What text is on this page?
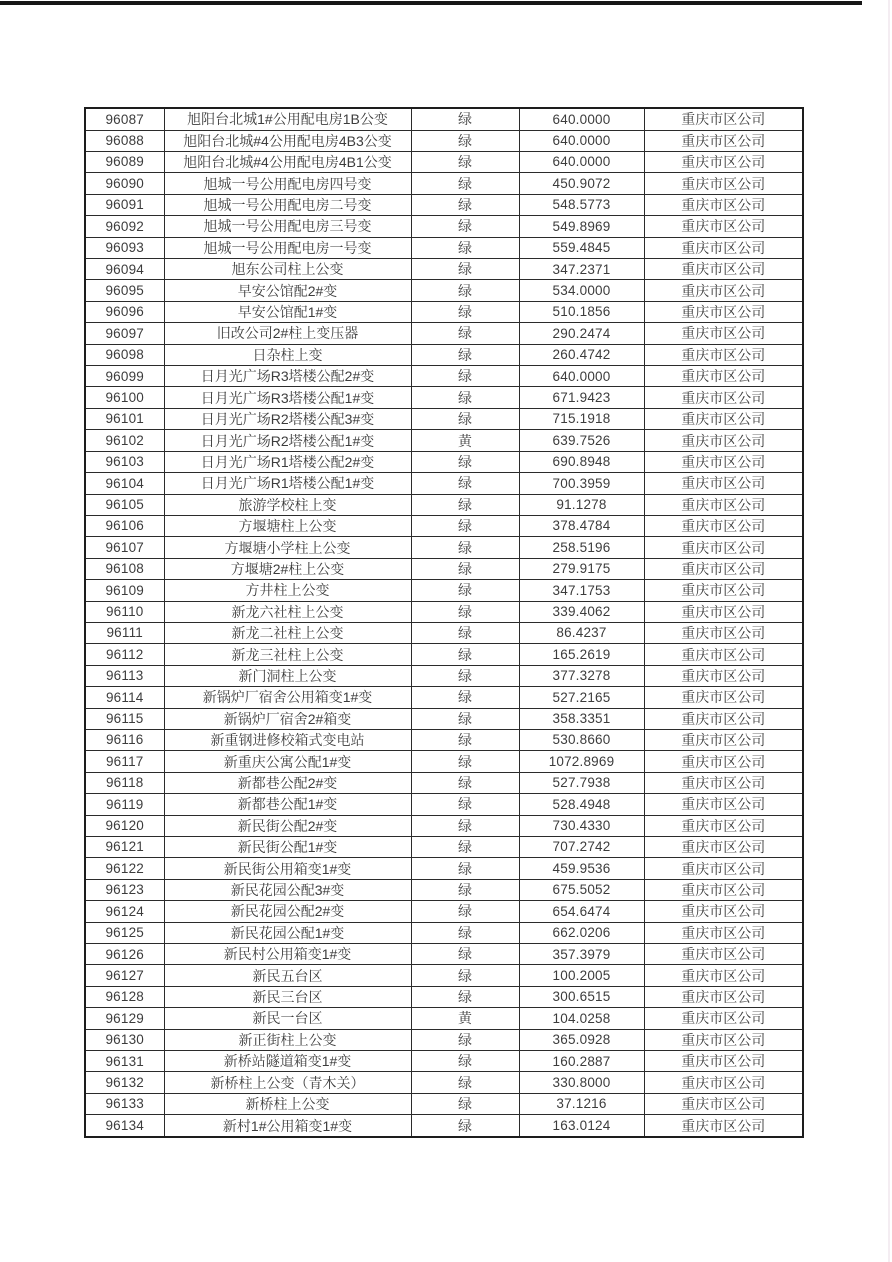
96087	旭阳台北城1#公用配电房1B公变	绿	640.0000	重庆市区公司
96088	旭阳台北城#4公用配电房4B3公变	绿	640.0000	重庆市区公司
96089	旭阳台北城#4公用配电房4B1公变	绿	640.0000	重庆市区公司
96090	旭城一号公用配电房四号变	绿	450.9072	重庆市区公司
96091	旭城一号公用配电房二号变	绿	548.5773	重庆市区公司
96092	旭城一号公用配电房三号变	绿	549.8969	重庆市区公司
96093	旭城一号公用配电房一号变	绿	559.4845	重庆市区公司
96094	旭东公司柱上公变	绿	347.2371	重庆市区公司
96095	早安公馆配2#变	绿	534.0000	重庆市区公司
96096	早安公馆配1#变	绿	510.1856	重庆市区公司
96097	旧改公司2#柱上变压器	绿	290.2474	重庆市区公司
96098	日杂柱上变	绿	260.4742	重庆市区公司
96099	日月光广场R3塔楼公配2#变	绿	640.0000	重庆市区公司
96100	日月光广场R3塔楼公配1#变	绿	671.9423	重庆市区公司
96101	日月光广场R2塔楼公配3#变	绿	715.1918	重庆市区公司
96102	日月光广场R2塔楼公配1#变	黄	639.7526	重庆市区公司
96103	日月光广场R1塔楼公配2#变	绿	690.8948	重庆市区公司
96104	日月光广场R1塔楼公配1#变	绿	700.3959	重庆市区公司
96105	旅游学校柱上变	绿	91.1278	重庆市区公司
96106	方堰塘柱上公变	绿	378.4784	重庆市区公司
96107	方堰塘小学柱上公变	绿	258.5196	重庆市区公司
96108	方堰塘2#柱上公变	绿	279.9175	重庆市区公司
96109	方井柱上公变	绿	347.1753	重庆市区公司
96110	新龙六社柱上公变	绿	339.4062	重庆市区公司
96111	新龙二社柱上公变	绿	86.4237	重庆市区公司
96112	新龙三社柱上公变	绿	165.2619	重庆市区公司
96113	新门洞柱上公变	绿	377.3278	重庆市区公司
96114	新锅炉厂宿舍公用箱变1#变	绿	527.2165	重庆市区公司
96115	新锅炉厂宿舍2#箱变	绿	358.3351	重庆市区公司
96116	新重钢进修校箱式变电站	绿	530.8660	重庆市区公司
96117	新重庆公寓公配1#变	绿	1072.8969	重庆市区公司
96118	新都巷公配2#变	绿	527.7938	重庆市区公司
96119	新都巷公配1#变	绿	528.4948	重庆市区公司
96120	新民街公配2#变	绿	730.4330	重庆市区公司
96121	新民街公配1#变	绿	707.2742	重庆市区公司
96122	新民街公用箱变1#变	绿	459.9536	重庆市区公司
96123	新民花园公配3#变	绿	675.5052	重庆市区公司
96124	新民花园公配2#变	绿	654.6474	重庆市区公司
96125	新民花园公配1#变	绿	662.0206	重庆市区公司
96126	新民村公用箱变1#变	绿	357.3979	重庆市区公司
96127	新民五台区	绿	100.2005	重庆市区公司
96128	新民三台区	绿	300.6515	重庆市区公司
96129	新民一台区	黄	104.0258	重庆市区公司
96130	新正街柱上公变	绿	365.0928	重庆市区公司
96131	新桥站隧道箱变1#变	绿	160.2887	重庆市区公司
96132	新桥柱上公变（青木关）	绿	330.8000	重庆市区公司
96133	新桥柱上公变	绿	37.1216	重庆市区公司
96134	新村1#公用箱变1#变	绿	163.0124	重庆市区公司
